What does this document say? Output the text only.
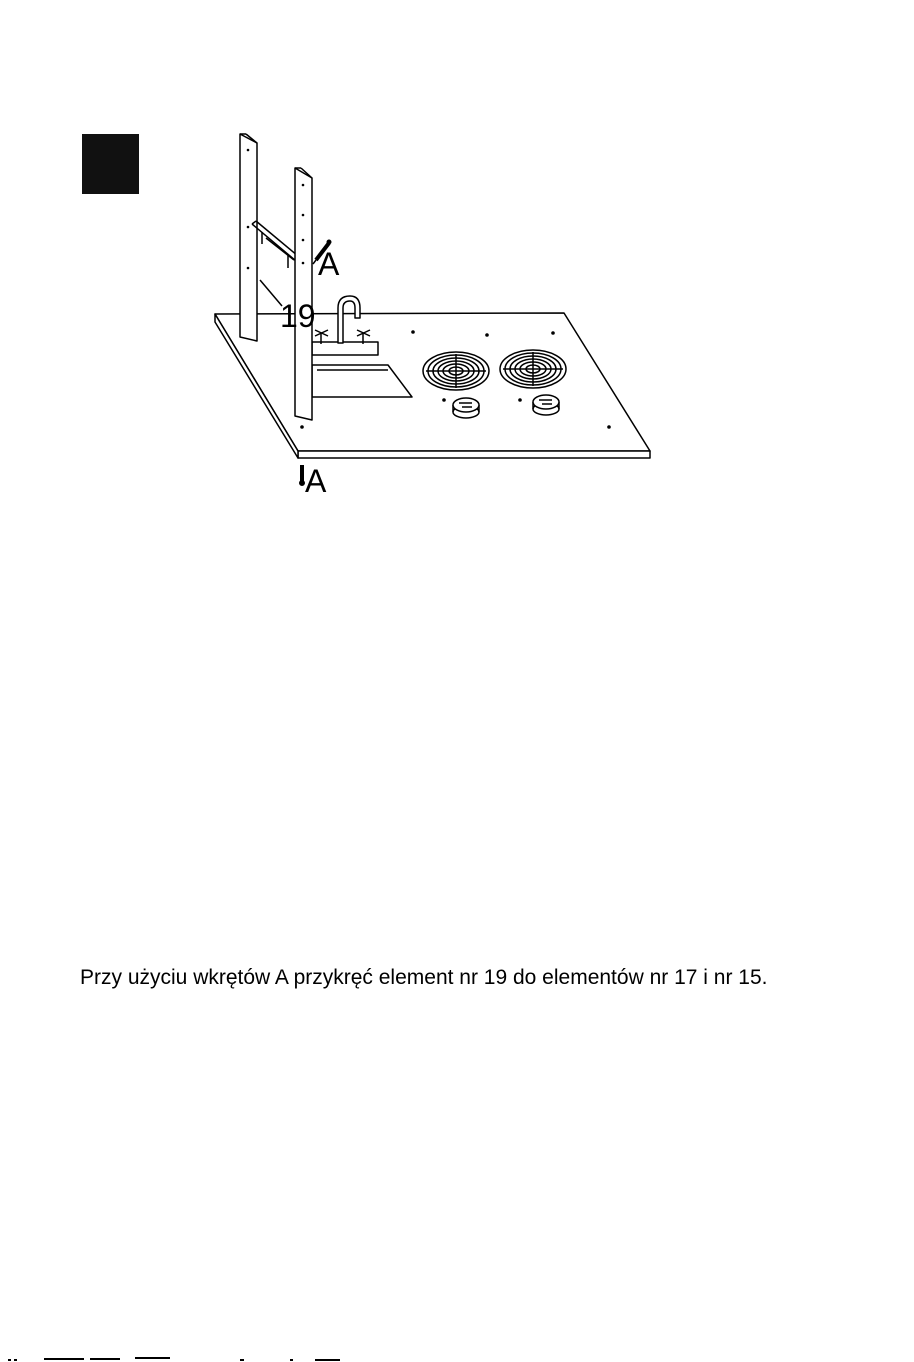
A
A
19
Przy użyciu wkrętów A przykręć element nr 19 do elementów nr 17 i nr 15.
